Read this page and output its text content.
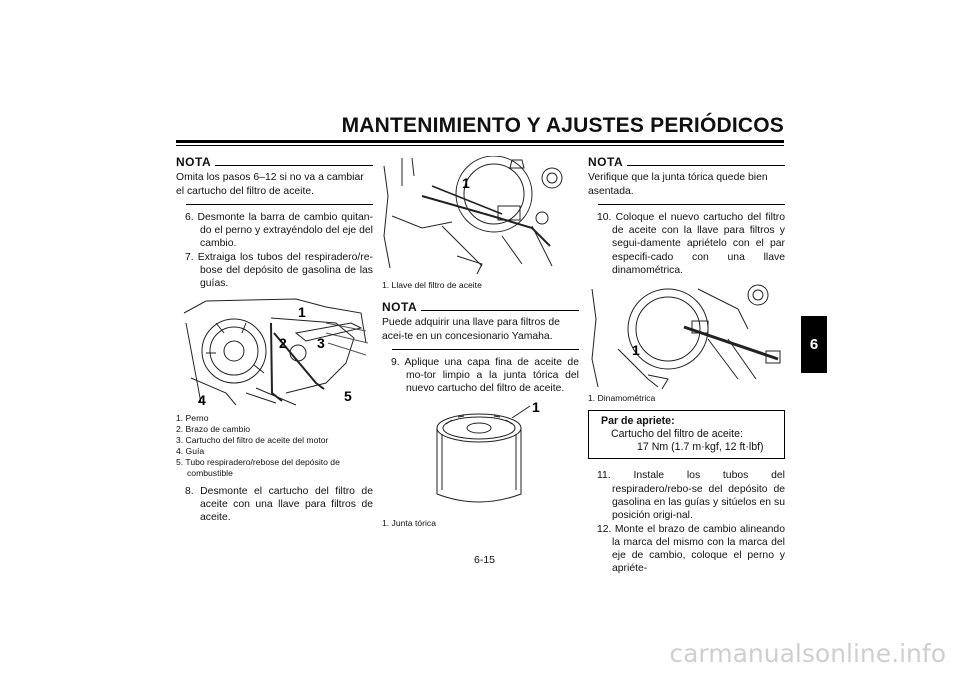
MANTENIMIENTO Y AJUSTES PERIÓDICOS
NOTA

Omita los pasos 6–12 si no va a cambiar el cartucho del filtro de aceite.

6. Desmonte la barra de cambio quitan-do el perno y extrayéndolo del eje del cambio.
7. Extraiga los tubos del respiradero/re-bose del depósito de gasolina de las guías.
1
2 3
4	5
1. Perno
2. Brazo de cambio
3. Cartucho del filtro de aceite del motor
4. Guía
5. Tubo respiradero/rebose del depósito de combustible
8. Desmonte el cartucho del filtro de aceite con una llave para filtros de aceite.
1
1. Llave del filtro de aceite
NOTA

Puede adquirir una llave para filtros de acei-te en un concesionario Yamaha.

9. Aplique una capa fina de aceite de mo-tor limpio a la junta tórica del nuevo cartucho del filtro de aceite.
1
1. Junta tórica
NOTA

Verifique que la junta tórica quede bien asentada.

10. Coloque el nuevo cartucho del filtro de aceite con la llave para filtros y segui-damente apriételo con el par especifi-cado con una llave dinamométrica.
1
1. Dinamométrica
Par de apriete:
Cartucho del filtro de aceite:
17 Nm (1.7 m·kgf, 12 ft·lbf)
11. Instale los tubos del respiradero/rebo-se del depósito de gasolina en las guías y sitúelos en su posición origi-nal.
12. Monte el brazo de cambio alineando la marca del mismo con la marca del eje de cambio, coloque el perno y apriéte-
6-15
6
carmanualsonline.info
